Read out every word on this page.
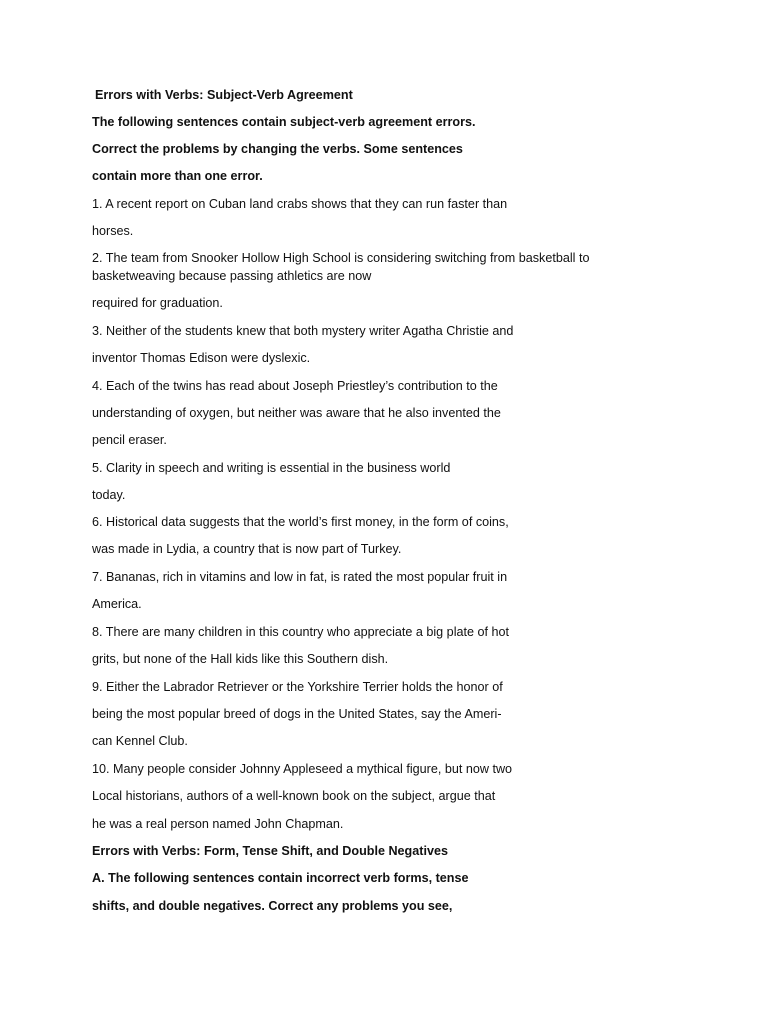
Errors with Verbs: Subject-Verb Agreement
The following sentences contain subject-verb agreement errors.
Correct the problems by changing the verbs. Some sentences
contain more than one error.
1. A recent report on Cuban land crabs shows that they can run faster than
horses.
2. The team from Snooker Hollow High School is considering switching from basketball to
basketweaving because passing athletics are now
required for graduation.
3. Neither of the students knew that both mystery writer Agatha Christie and
inventor Thomas Edison were dyslexic.
4. Each of the twins has read about Joseph Priestley’s contribution to the
understanding of oxygen, but neither was aware that he also invented the
pencil eraser.
5. Clarity in speech and writing is essential in the business world
today.
6. Historical data suggests that the world’s first money, in the form of coins,
was made in Lydia, a country that is now part of Turkey.
7. Bananas, rich in vitamins and low in fat, is rated the most popular fruit in
America.
8. There are many children in this country who appreciate a big plate of hot
grits, but none of the Hall kids like this Southern dish.
9. Either the Labrador Retriever or the Yorkshire Terrier holds the honor of
being the most popular breed of dogs in the United States, say the Ameri-
can Kennel Club.
10. Many people consider Johnny Appleseed a mythical figure, but now two
Local historians, authors of a well-known book on the subject, argue that
he was a real person named John Chapman.
Errors with Verbs: Form, Tense Shift, and Double Negatives
A. The following sentences contain incorrect verb forms, tense
shifts, and double negatives. Correct any problems you see,
